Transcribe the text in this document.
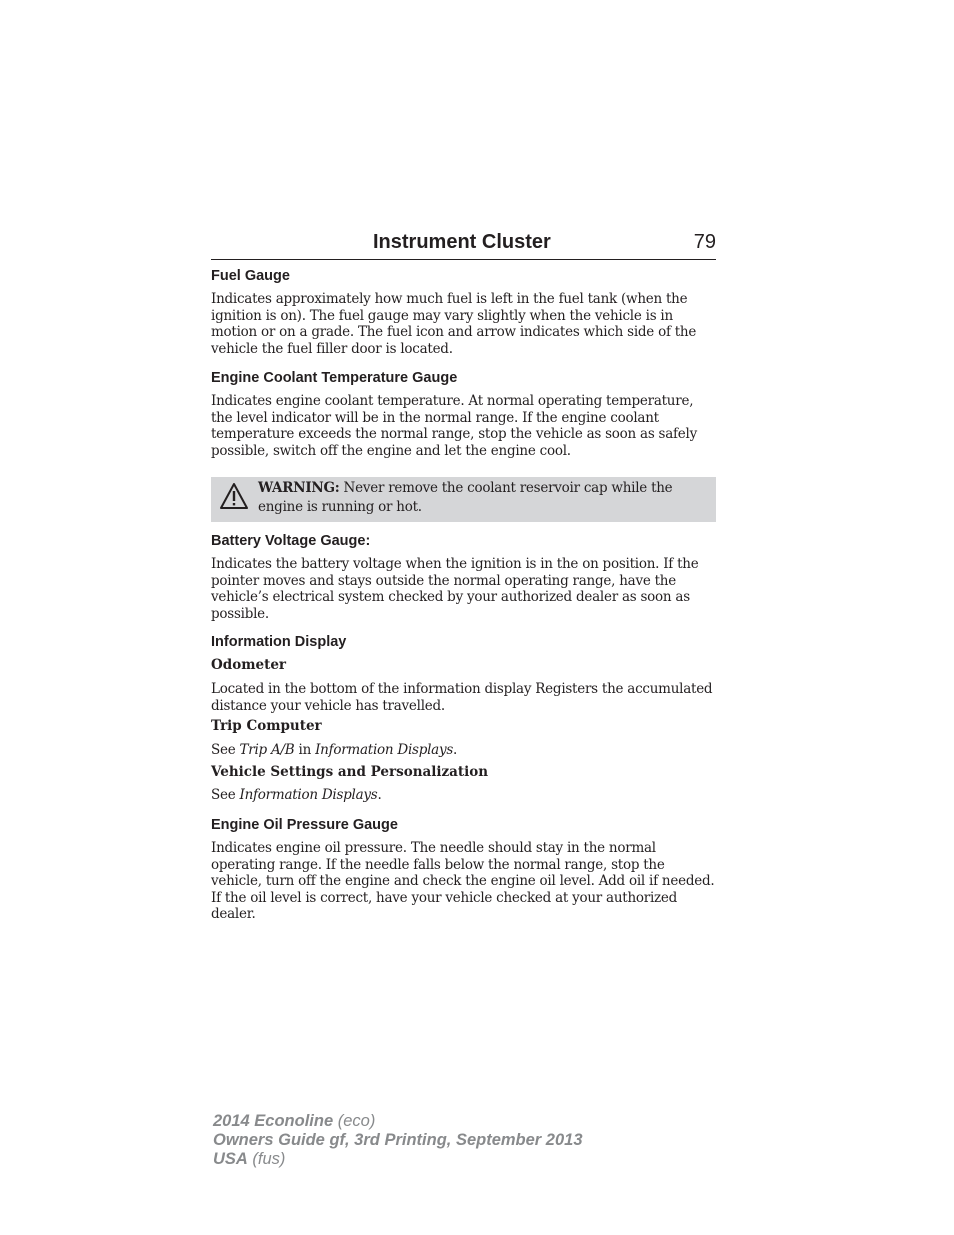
Instrument Cluster	79
Fuel Gauge

Indicates approximately how much fuel is left in the fuel tank (when the ignition is on). The fuel gauge may vary slightly when the vehicle is in motion or on a grade. The fuel icon and arrow indicates which side of the vehicle the fuel filler door is located.

Engine Coolant Temperature Gauge

Indicates engine coolant temperature. At normal operating temperature, the level indicator will be in the normal range. If the engine coolant temperature exceeds the normal range, stop the vehicle as soon as safely possible, switch off the engine and let the engine cool.

WARNING: Never remove the coolant reservoir cap while the engine is running or hot.
Battery Voltage Gauge:

Indicates the battery voltage when the ignition is in the on position. If the pointer moves and stays outside the normal operating range, have the vehicle’s electrical system checked by your authorized dealer as soon as possible.

Information Display
Odometer

Located in the bottom of the information display Registers the accumulated distance your vehicle has travelled.

Trip Computer

See Trip A/B in Information Displays.

Vehicle Settings and Personalization

See Information Displays.

Engine Oil Pressure Gauge

Indicates engine oil pressure. The needle should stay in the normal operating range. If the needle falls below the normal range, stop the vehicle, turn off the engine and check the engine oil level. Add oil if needed. If the oil level is correct, have your vehicle checked at your authorized dealer.

2014 Econoline (eco)
Owners Guide gf, 3rd Printing, September 2013
USA (fus)
